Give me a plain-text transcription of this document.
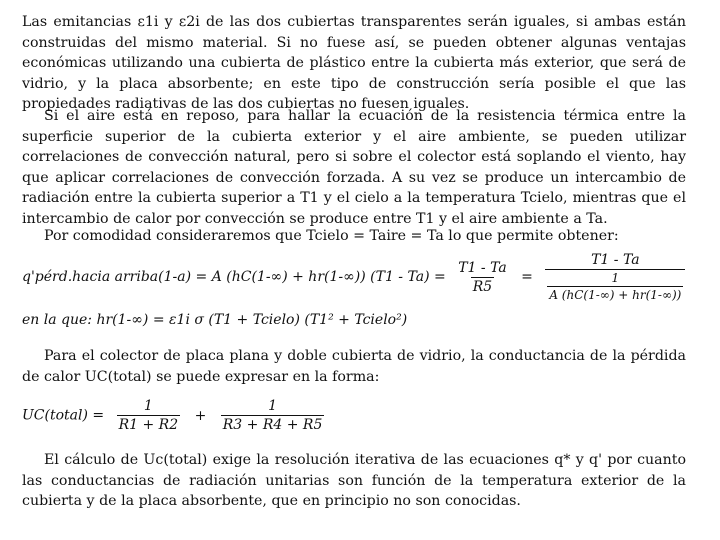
Las emitancias ε1i y ε2i de las dos cubiertas transparentes serán iguales, si ambas están construidas del mismo material. Si no fuese así, se pueden obtener algunas ventajas económicas utilizando una cubierta de plástico entre la cubierta más exterior, que será de vidrio, y la placa absorbente; en este tipo de construcción sería posible el que las propiedades radiativas de las dos cubiertas no fuesen iguales.
Si el aire está en reposo, para hallar la ecuación de la resistencia térmica entre la superficie superior de la cubierta exterior y el aire ambiente, se pueden utilizar correlaciones de convección natural, pero si sobre el colector está soplando el viento, hay que aplicar correlaciones de convección forzada. A su vez se produce un intercambio de radiación entre la cubierta superior a T1 y el cielo a la temperatura Tcielo, mientras que el intercambio de calor por convección se produce entre T1 y el aire ambiente a Ta.
Por comodidad consideraremos que Tcielo = Taire = Ta lo que permite obtener:
q'pérd.hacia arriba(1-a) = A (hC(1-∞) + hr(1-∞)) $(T1 - Ta) = \frac{T1 - Ta}{R5} = \frac{T1 - Ta}{\frac{1}{A (hC(1-\infty) + hr(1-\infty))}}$
en la que: hr(1-∞) = ε1i σ (T1 + Tcielo) (T1² + Tcielo²)
Para el colector de placa plana y doble cubierta de vidrio, la conductancia de la pérdida de calor UC(total) se puede expresar en la forma:
UC(total) = $\frac{1}{R1 + R2} + \frac{1}{R3 + R4 + R5}$
El cálculo de Uc(total) exige la resolución iterativa de las ecuaciones q* y q' por cuanto las conductancias de radiación unitarias son función de la temperatura exterior de la cubierta y de la placa absorbente, que en principio no son conocidas.
